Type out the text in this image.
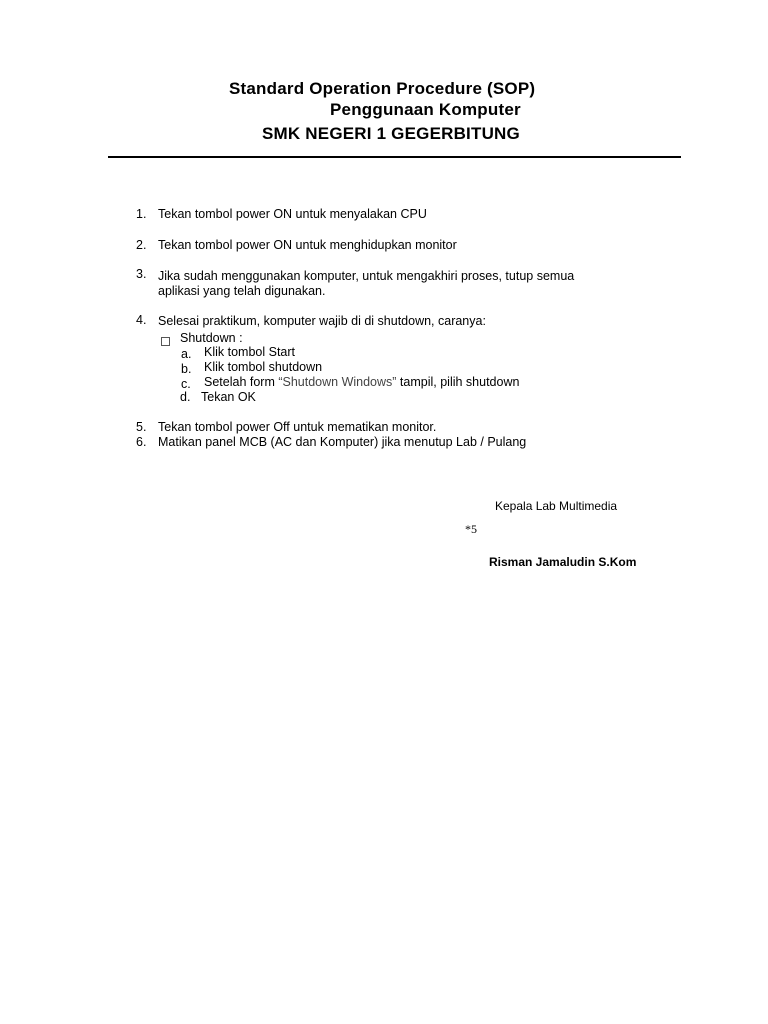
Standard Operation Procedure (SOP)
Penggunaan Komputer
SMK NEGERI 1 GEGERBITUNG
1. Tekan tombol power ON untuk menyalakan CPU
2. Tekan tombol power ON untuk menghidupkan monitor
3. Jika sudah menggunakan komputer, untuk mengakhiri proses, tutup semua
aplikasi yang telah digunakan.
4. Selesai praktikum, komputer wajib di di shutdown, caranya:
Shutdown :
a. Klik tombol Start
b. Klik tombol shutdown
c. Setelah form “Shutdown Windows” tampil, pilih shutdown
d. Tekan OK
5. Tekan tombol power Off untuk mematikan monitor.
6. Matikan panel MCB (AC dan Komputer) jika menutup Lab / Pulang
Kepala Lab Multimedia
*5
Risman Jamaludin S.Kom
